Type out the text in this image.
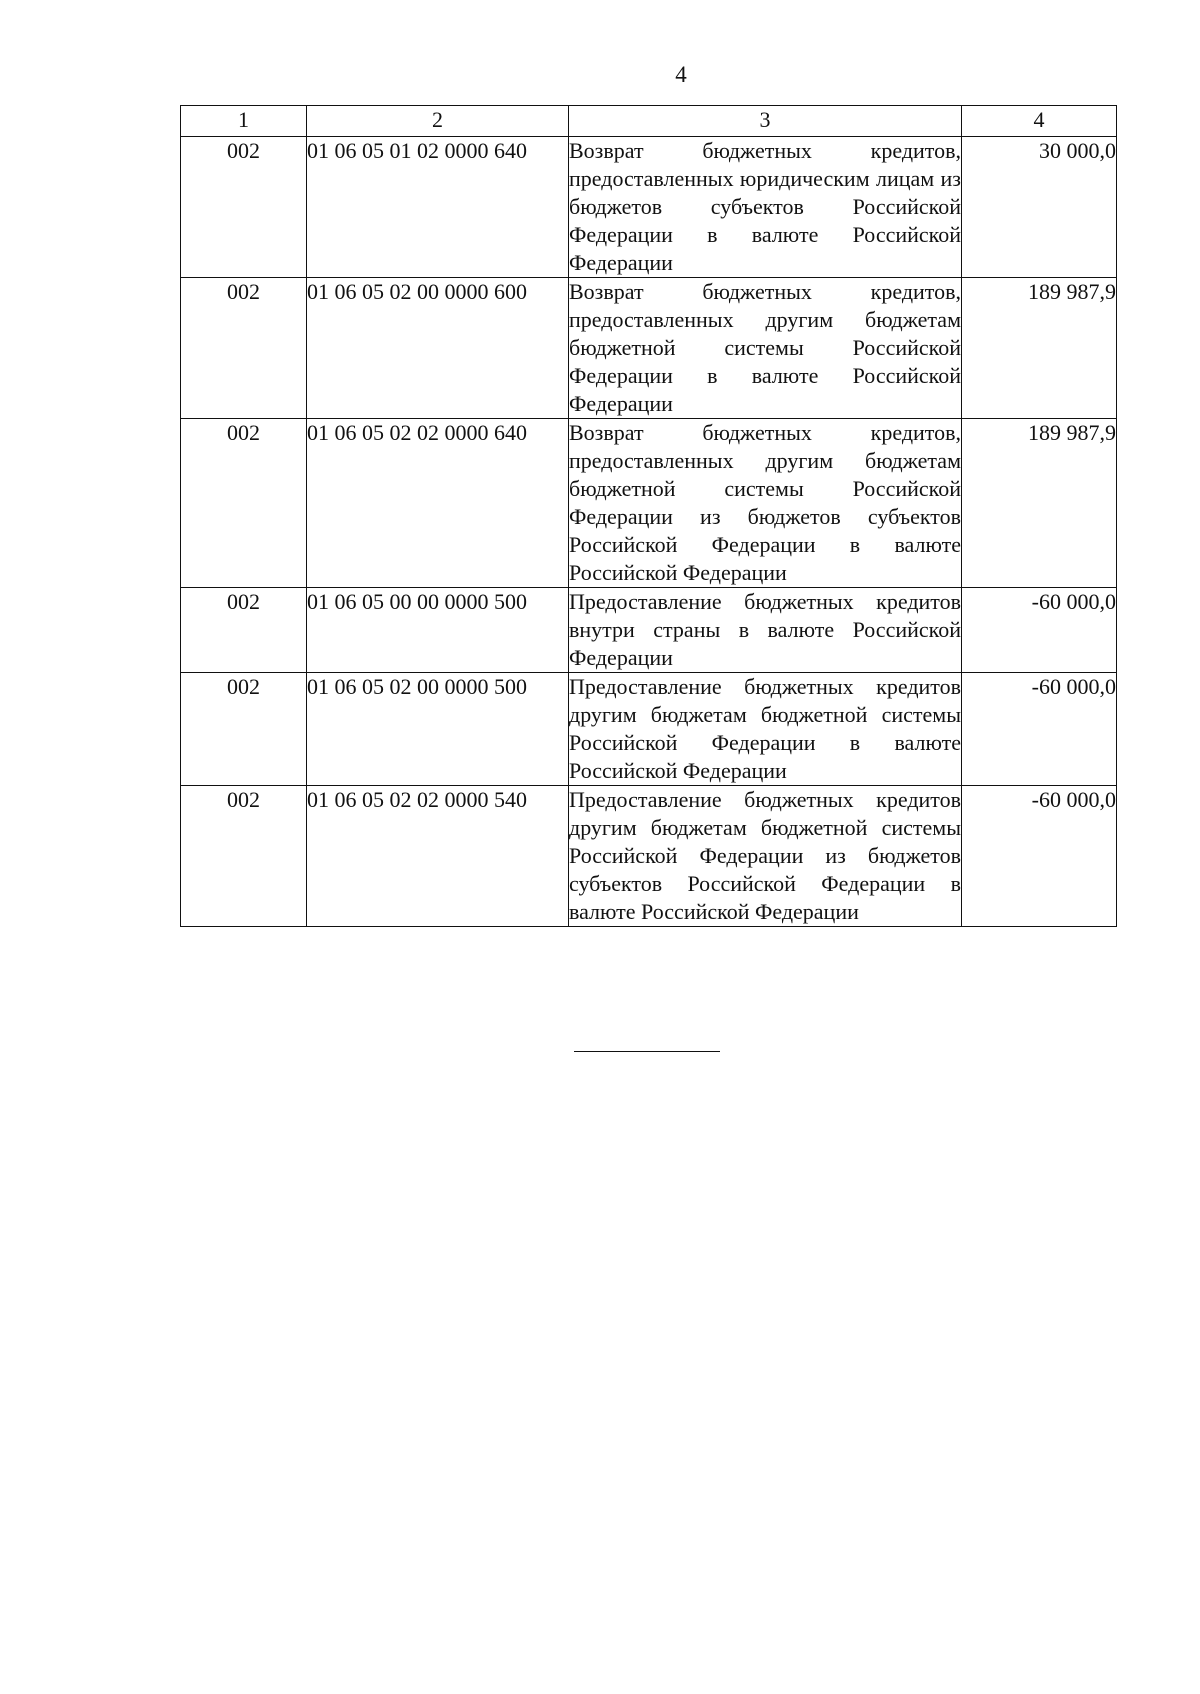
4
1	2	3	4
002	01 06 05 01 02 0000 640	Возврат бюджетных кредитов, предоставленных юридическим лицам из бюджетов субъектов Российской Федерации в валюте Российской Федерации	30 000,0
002	01 06 05 02 00 0000 600	Возврат бюджетных кредитов, предоставленных другим бюджетам бюджетной системы Российской Федерации в валюте Российской Федерации	189 987,9
002	01 06 05 02 02 0000 640	Возврат бюджетных кредитов, предоставленных другим бюджетам бюджетной системы Российской Федерации из бюджетов субъектов Российской Федерации в валюте Российской Федерации	189 987,9
002	01 06 05 00 00 0000 500	Предоставление бюджетных кредитов внутри страны в валюте Российской Федерации	-60 000,0
002	01 06 05 02 00 0000 500	Предоставление бюджетных кредитов другим бюджетам бюджетной системы Российской Федерации в валюте Российской Федерации	-60 000,0
002	01 06 05 02 02 0000 540	Предоставление бюджетных кредитов другим бюджетам бюджетной системы Российской Федерации из бюджетов субъектов Российской Федерации в валюте Российской Федерации	-60 000,0
